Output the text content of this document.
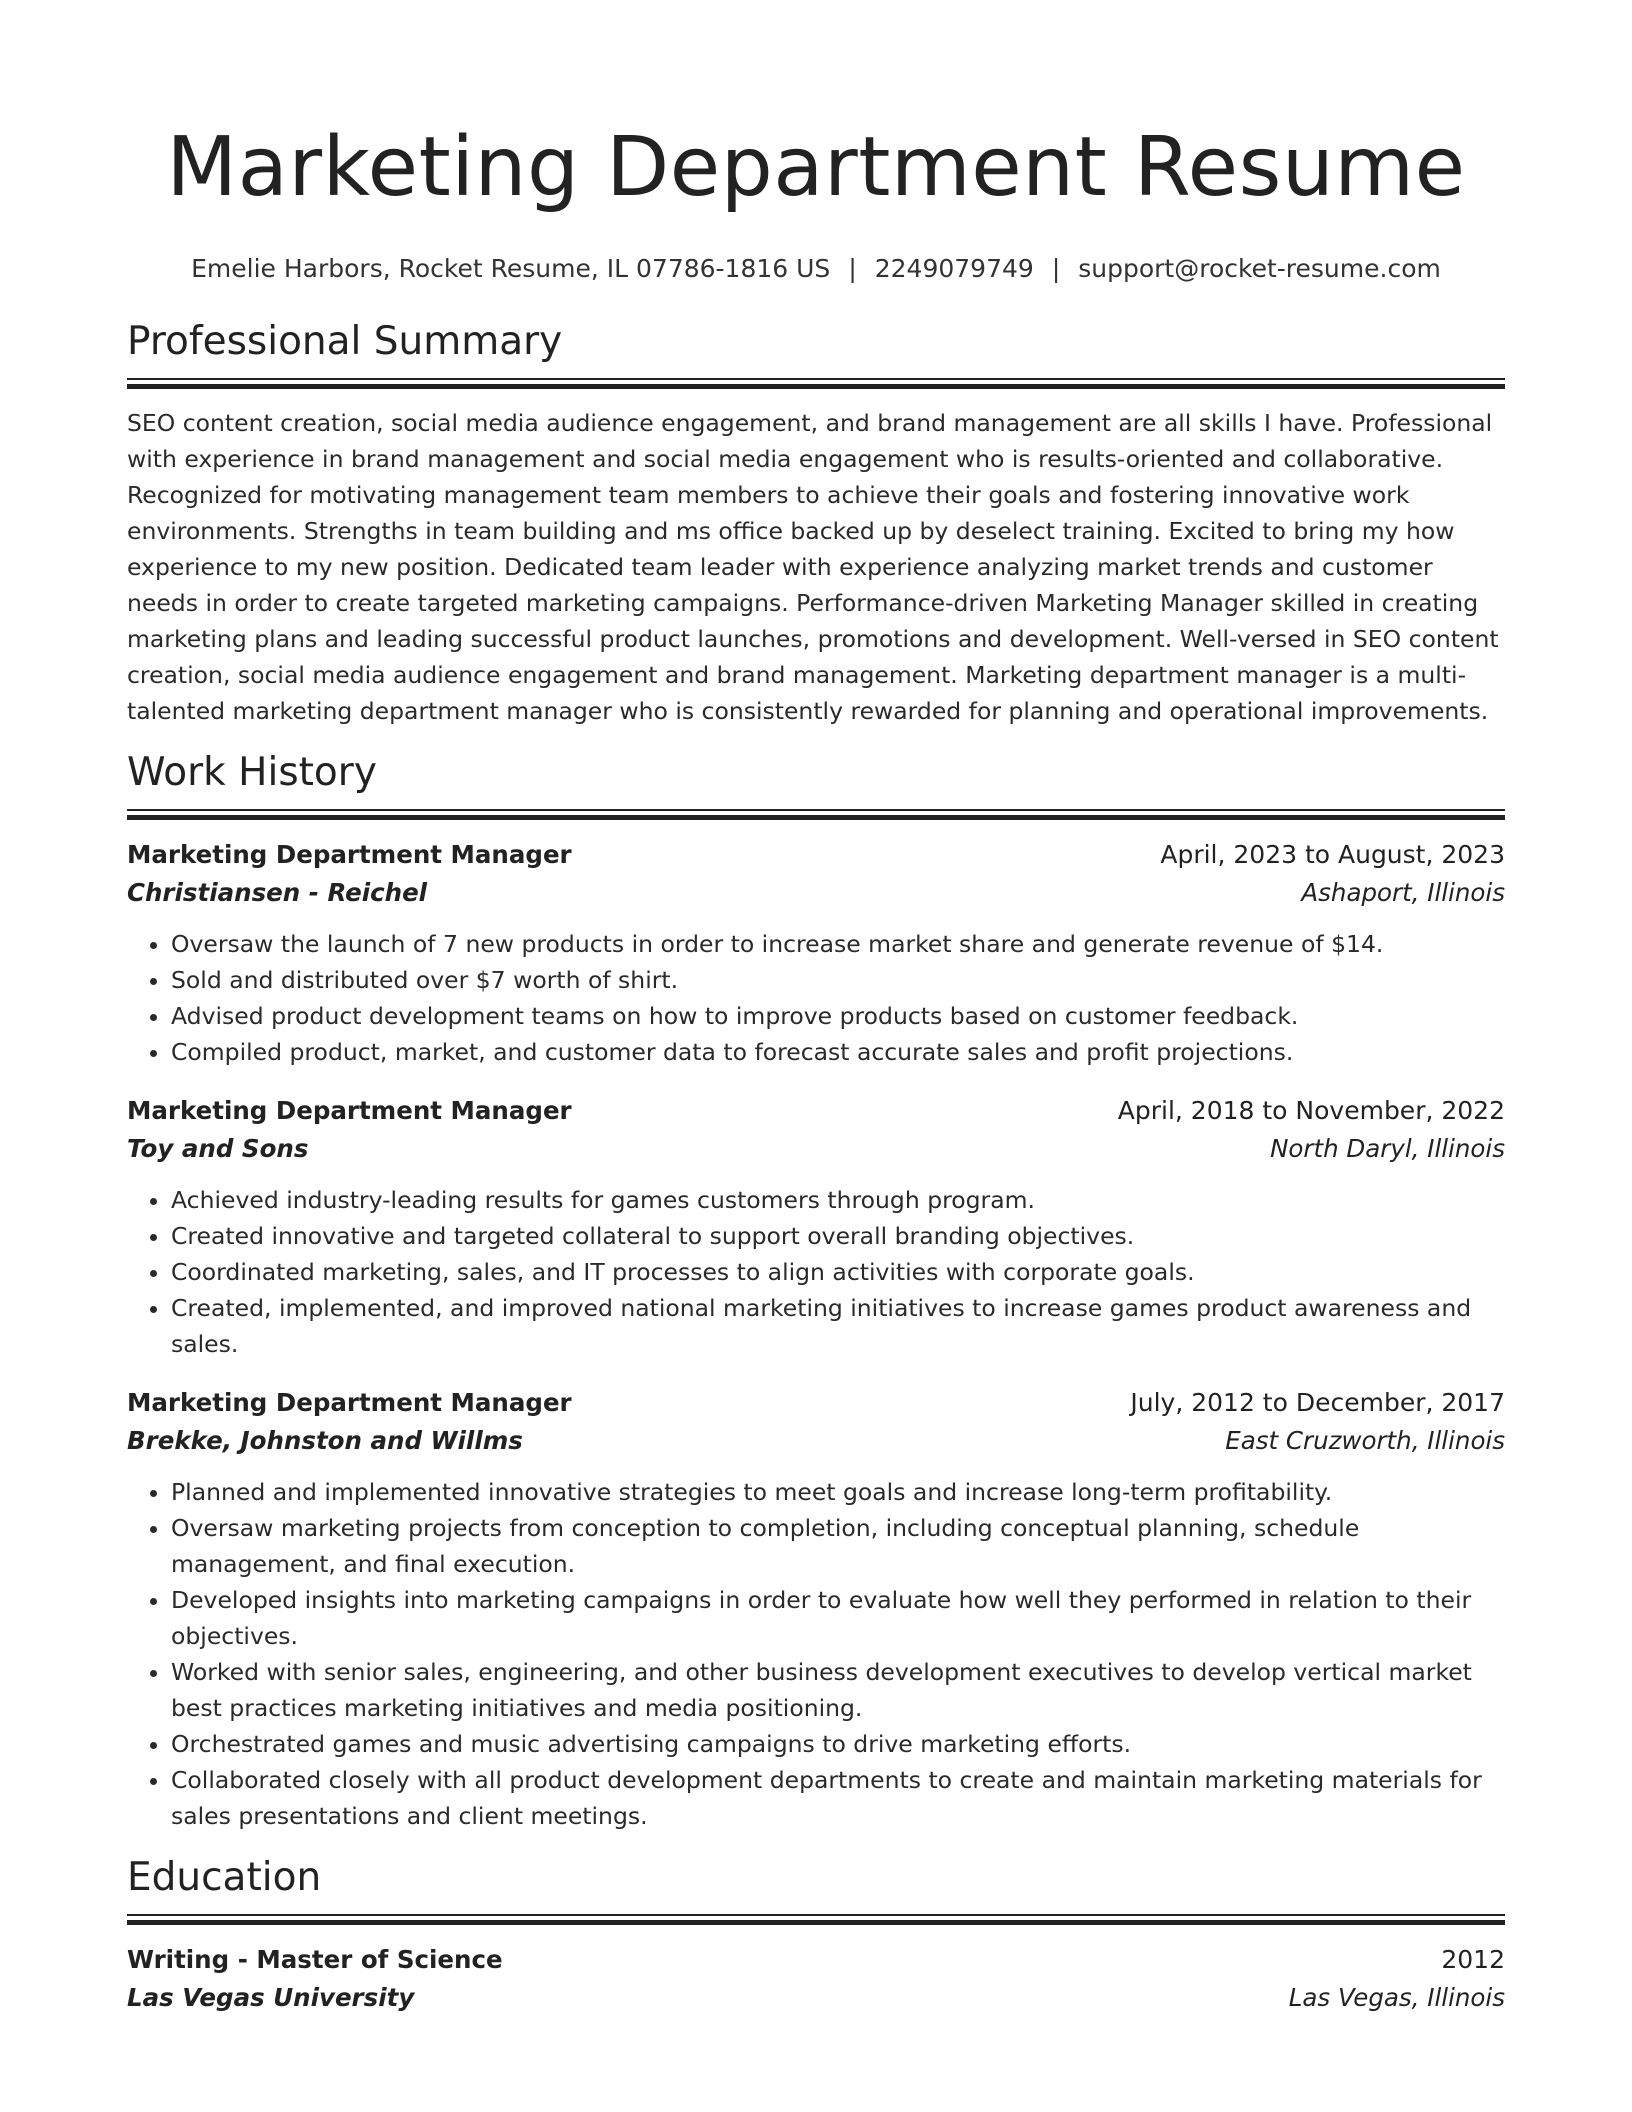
Marketing Department Resume
Emelie Harbors, Rocket Resume, IL 07786-1816 US | 2249079749 | support@rocket-resume.com
Professional Summary
SEO content creation, social media audience engagement, and brand management are all skills I have. Professional with experience in brand management and social media engagement who is results-oriented and collaborative. Recognized for motivating management team members to achieve their goals and fostering innovative work environments. Strengths in team building and ms office backed up by deselect training. Excited to bring my how experience to my new position. Dedicated team leader with experience analyzing market trends and customer needs in order to create targeted marketing campaigns. Performance-driven Marketing Manager skilled in creating marketing plans and leading successful product launches, promotions and development. Well-versed in SEO content creation, social media audience engagement and brand management. Marketing department manager is a multi-talented marketing department manager who is consistently rewarded for planning and operational improvements.
Work History
Marketing Department Manager	April, 2023 to August, 2023
Christiansen - Reichel	Ashaport, Illinois
• Oversaw the launch of 7 new products in order to increase market share and generate revenue of $14.
• Sold and distributed over $7 worth of shirt.
• Advised product development teams on how to improve products based on customer feedback.
• Compiled product, market, and customer data to forecast accurate sales and profit projections.
Marketing Department Manager	April, 2018 to November, 2022
Toy and Sons	North Daryl, Illinois
• Achieved industry-leading results for games customers through program.
• Created innovative and targeted collateral to support overall branding objectives.
• Coordinated marketing, sales, and IT processes to align activities with corporate goals.
• Created, implemented, and improved national marketing initiatives to increase games product awareness and sales.
Marketing Department Manager	July, 2012 to December, 2017
Brekke, Johnston and Willms	East Cruzworth, Illinois
• Planned and implemented innovative strategies to meet goals and increase long-term profitability.
• Oversaw marketing projects from conception to completion, including conceptual planning, schedule management, and final execution.
• Developed insights into marketing campaigns in order to evaluate how well they performed in relation to their objectives.
• Worked with senior sales, engineering, and other business development executives to develop vertical market best practices marketing initiatives and media positioning.
• Orchestrated games and music advertising campaigns to drive marketing efforts.
• Collaborated closely with all product development departments to create and maintain marketing materials for sales presentations and client meetings.
Education
Writing - Master of Science	2012
Las Vegas University	Las Vegas, Illinois
